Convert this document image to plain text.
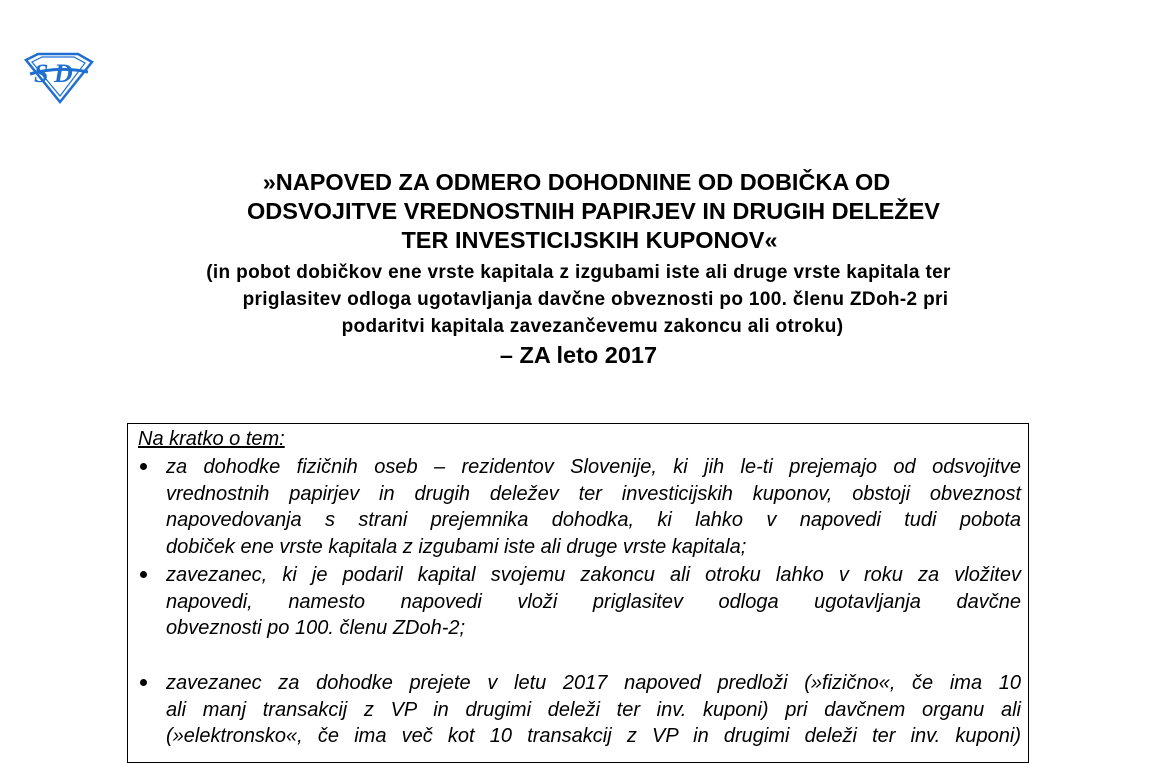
S D
»NAPOVED ZA ODMERO DOHODNINE OD DOBIČKA OD
ODSVOJITVE VREDNOSTNIH PAPIRJEV IN DRUGIH DELEŽEV
TER INVESTICIJSKIH KUPONOV«
(in pobot dobičkov ene vrste kapitala z izgubami iste ali druge vrste kapitala ter
priglasitev odloga ugotavljanja davčne obveznosti po 100. členu ZDoh-2 pri
podaritvi kapitala zavezančevemu zakoncu ali otroku)
– ZA leto 2017
Na kratko o tem:
za dohodke fizičnih oseb – rezidentov Slovenije, ki jih le-ti prejemajo od odsvojitve
vrednostnih papirjev in drugih deležev ter investicijskih kuponov, obstoji obveznost
napovedovanja s strani prejemnika dohodka, ki lahko v napovedi tudi pobota
dobiček ene vrste kapitala z izgubami iste ali druge vrste kapitala;
zavezanec, ki je podaril kapital svojemu zakoncu ali otroku lahko v roku za vložitev
napovedi, namesto napovedi vloži priglasitev odloga ugotavljanja davčne
obveznosti po 100. členu ZDoh-2;
zavezanec za dohodke prejete v letu 2017 napoved predloži (»fizično«, če ima 10
ali manj transakcij z VP in drugimi deleži ter inv. kuponi) pri davčnem organu ali
(»elektronsko«, če ima več kot 10 transakcij z VP in drugimi deleži ter inv. kuponi)
